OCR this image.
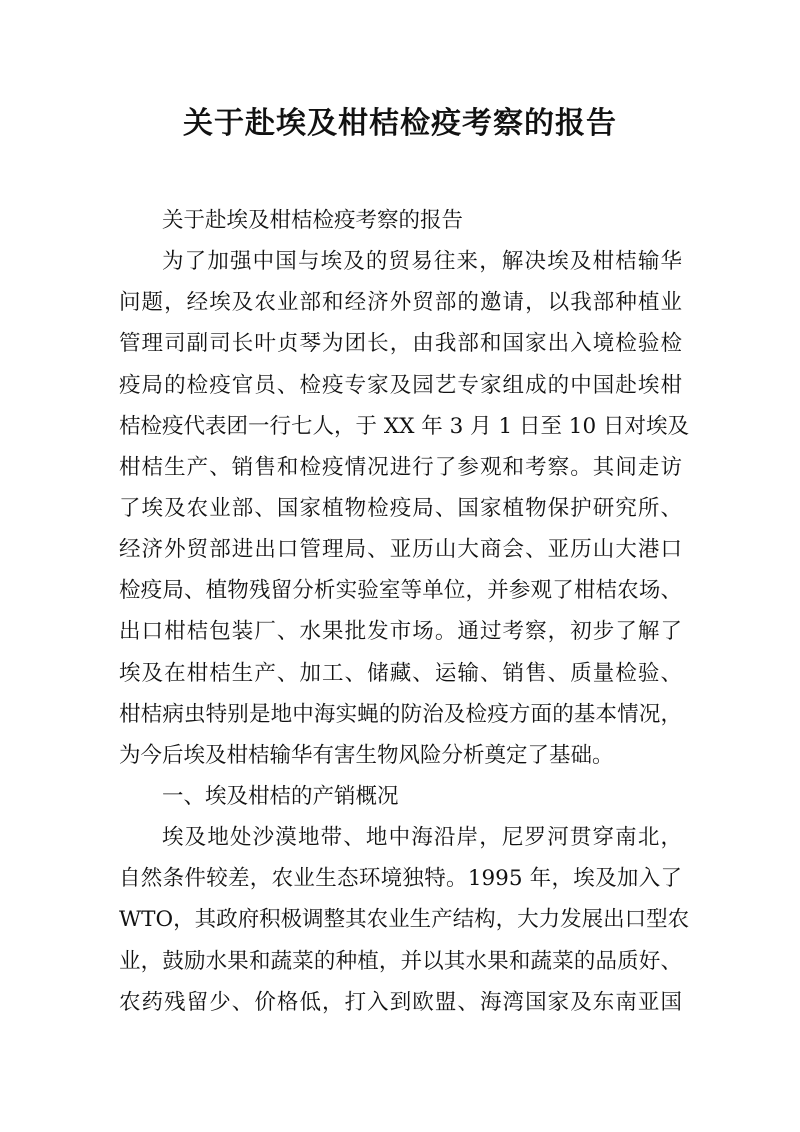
关于赴埃及柑桔检疫考察的报告
关于赴埃及柑桔检疫考察的报告
为了加强中国与埃及的贸易往来，解决埃及柑桔输华
问题，经埃及农业部和经济外贸部的邀请，以我部种植业
管理司副司长叶贞琴为团长，由我部和国家出入境检验检
疫局的检疫官员、检疫专家及园艺专家组成的中国赴埃柑
桔检疫代表团一行七人，于 XX 年 3 月 1 日至 10 日对埃及
柑桔生产、销售和检疫情况进行了参观和考察。其间走访
了埃及农业部、国家植物检疫局、国家植物保护研究所、
经济外贸部进出口管理局、亚历山大商会、亚历山大港口
检疫局、植物残留分析实验室等单位，并参观了柑桔农场、
出口柑桔包装厂、水果批发市场。通过考察，初步了解了
埃及在柑桔生产、加工、储藏、运输、销售、质量检验、
柑桔病虫特别是地中海实蝇的防治及检疫方面的基本情况，
为今后埃及柑桔输华有害生物风险分析奠定了基础。
一、埃及柑桔的产销概况
埃及地处沙漠地带、地中海沿岸，尼罗河贯穿南北，
自然条件较差，农业生态环境独特。1995 年，埃及加入了
WTO，其政府积极调整其农业生产结构，大力发展出口型农
业，鼓励水果和蔬菜的种植，并以其水果和蔬菜的品质好、
农药残留少、价格低，打入到欧盟、海湾国家及东南亚国
